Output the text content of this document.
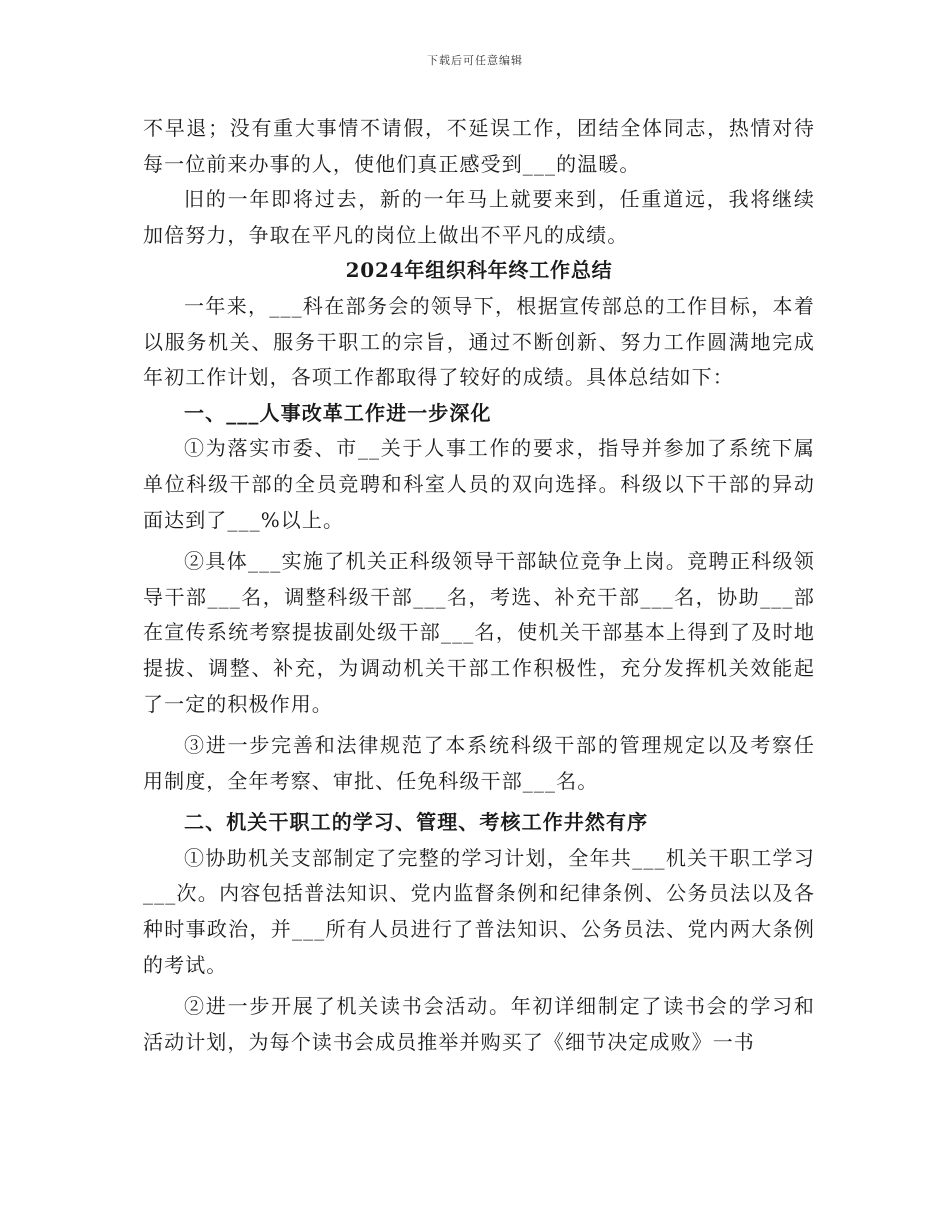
下载后可任意编辑

不早退；没有重大事情不请假，不延误工作，团结全体同志，热情对待每一位前来办事的人，使他们真正感受到___的温暖。

旧的一年即将过去，新的一年马上就要来到，任重道远，我将继续加倍努力，争取在平凡的岗位上做出不平凡的成绩。

2024年组织科年终工作总结

一年来，___科在部务会的领导下，根据宣传部总的工作目标，本着以服务机关、服务干职工的宗旨，通过不断创新、努力工作圆满地完成年初工作计划，各项工作都取得了较好的成绩。具体总结如下：

一、___人事改革工作进一步深化

①为落实市委、市__关于人事工作的要求，指导并参加了系统下属单位科级干部的全员竞聘和科室人员的双向选择。科级以下干部的异动面达到了___%以上。

②具体___实施了机关正科级领导干部缺位竞争上岗。竞聘正科级领导干部___名，调整科级干部___名，考选、补充干部___名，协助___部在宣传系统考察提拔副处级干部___名，使机关干部基本上得到了及时地提拔、调整、补充，为调动机关干部工作积极性，充分发挥机关效能起了一定的积极作用。

③进一步完善和法律规范了本系统科级干部的管理规定以及考察任用制度，全年考察、审批、任免科级干部___名。

二、机关干职工的学习、管理、考核工作井然有序

①协助机关支部制定了完整的学习计划，全年共___机关干职工学习___次。内容包括普法知识、党内监督条例和纪律条例、公务员法以及各种时事政治，并___所有人员进行了普法知识、公务员法、党内两大条例的考试。

②进一步开展了机关读书会活动。年初详细制定了读书会的学习和活动计划，为每个读书会成员推举并购买了《细节决定成败》一书
